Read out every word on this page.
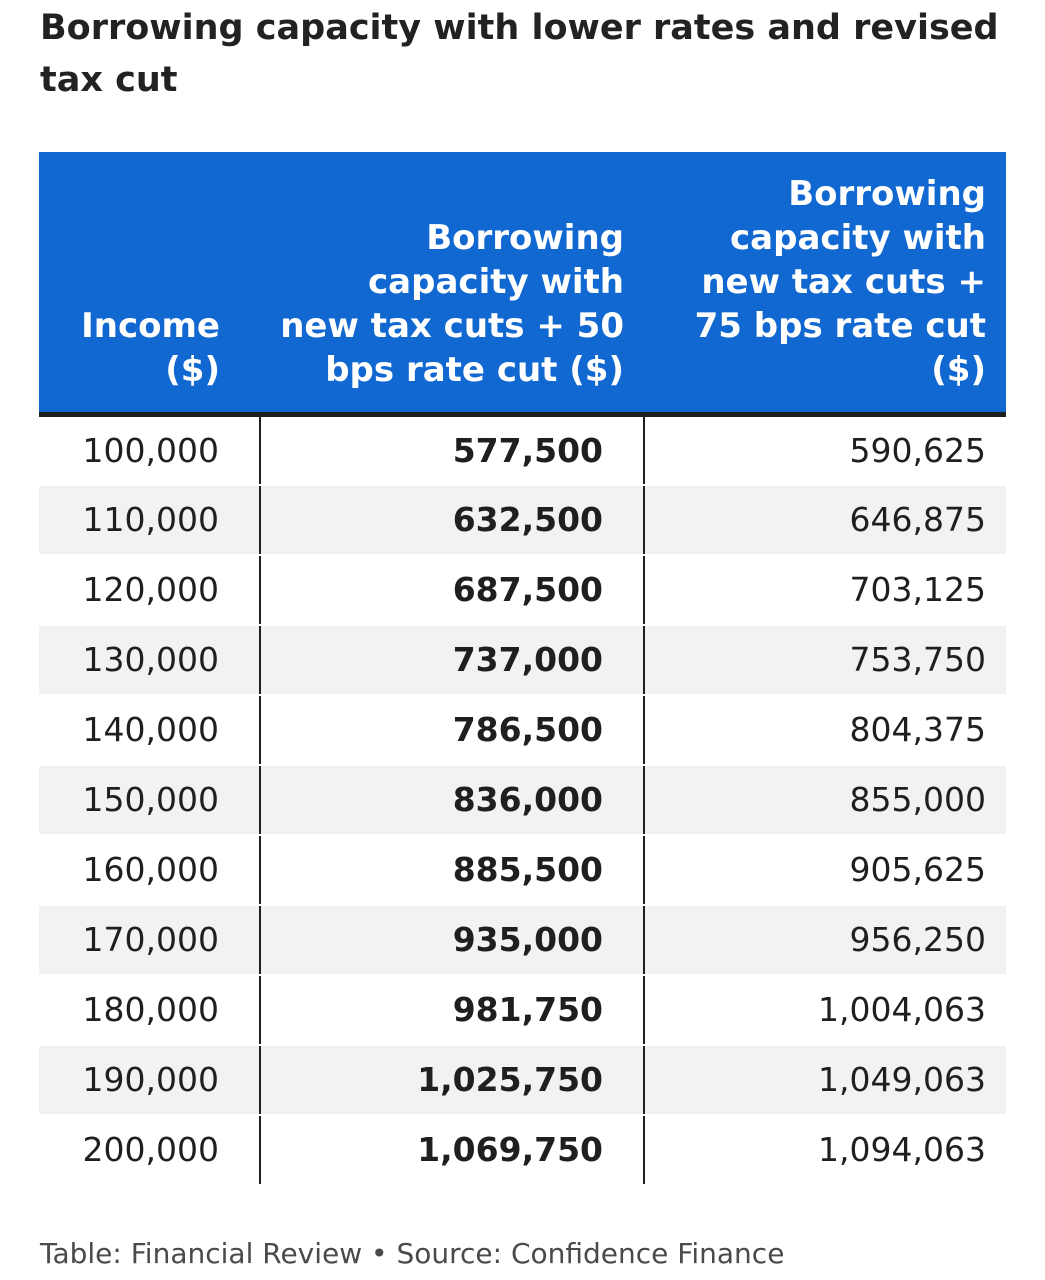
Borrowing capacity with lower rates and revised tax cut
Income ($)	Borrowing capacity with new tax cuts + 50 bps rate cut ($)	Borrowing capacity with new tax cuts + 75 bps rate cut ($)
100,000	577,500	590,625
110,000	632,500	646,875
120,000	687,500	703,125
130,000	737,000	753,750
140,000	786,500	804,375
150,000	836,000	855,000
160,000	885,500	905,625
170,000	935,000	956,250
180,000	981,750	1,004,063
190,000	1,025,750	1,049,063
200,000	1,069,750	1,094,063
Table: Financial Review • Source: Confidence Finance
